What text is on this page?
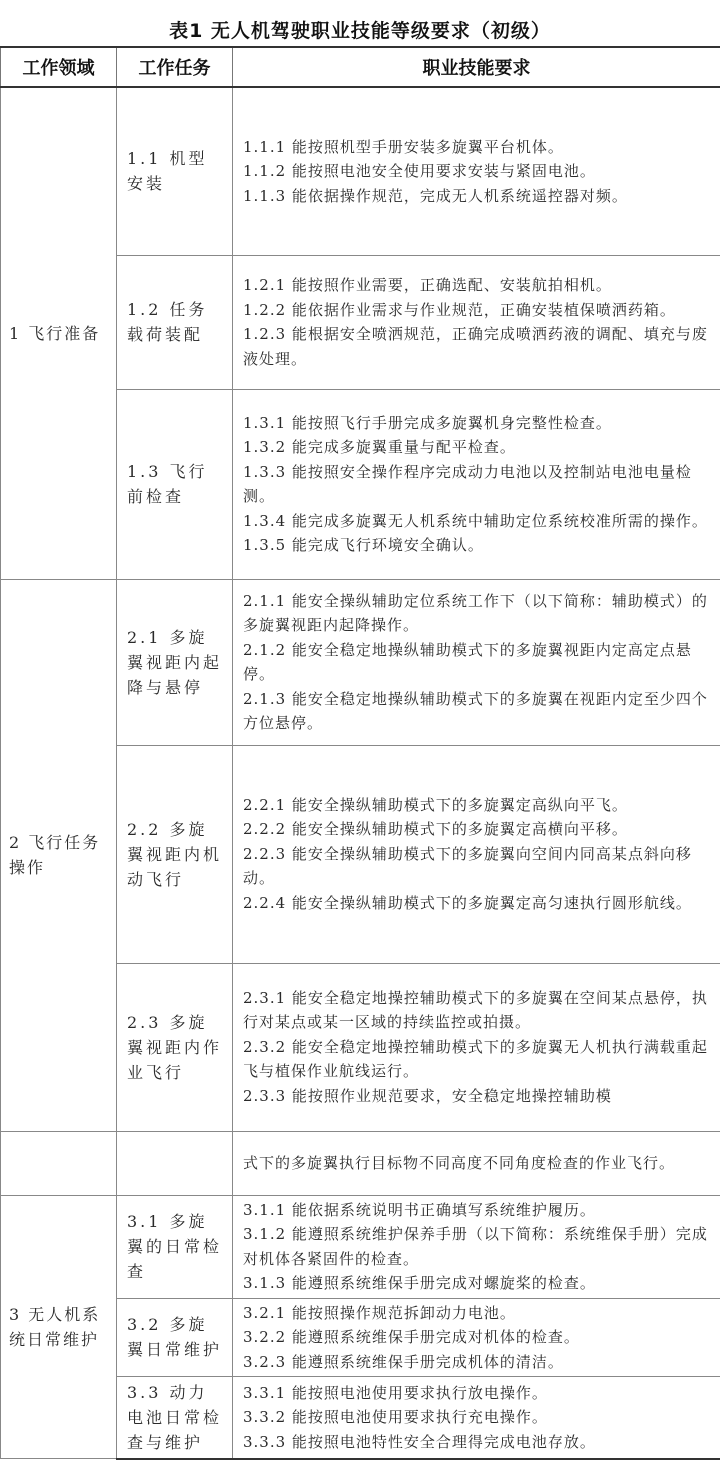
表1 无人机驾驶职业技能等级要求（初级）
工作领域	工作任务	职业技能要求
1 飞行准备	1.1 机型安装	1.1.1 能按照机型手册安装多旋翼平台机体。
1.1.2 能按照电池安全使用要求安装与紧固电池。
1.1.3 能依据操作规范，完成无人机系统遥控器对频。

	1.2 任务载荷装配	1.2.1 能按照作业需要，正确选配、安装航拍相机。
1.2.2 能依据作业需求与作业规范，正确安装植保喷洒药箱。
1.2.3 能根据安全喷洒规范，正确完成喷洒药液的调配、填充与废液处理。

	1.3 飞行前检查	1.3.1 能按照飞行手册完成多旋翼机身完整性检查。
1.3.2 能完成多旋翼重量与配平检查。
1.3.3 能按照安全操作程序完成动力电池以及控制站电池电量检测。
1.3.4 能完成多旋翼无人机系统中辅助定位系统校准所需的操作。
1.3.5 能完成飞行环境安全确认。

2 飞行任务操作	2.1 多旋翼视距内起降与悬停	2.1.1 能安全操纵辅助定位系统工作下（以下简称：辅助模式）的多旋翼视距内起降操作。
2.1.2 能安全稳定地操纵辅助模式下的多旋翼视距内定高定点悬停。
2.1.3 能安全稳定地操纵辅助模式下的多旋翼在视距内定至少四个方位悬停。

	2.2 多旋翼视距内机动飞行	2.2.1 能安全操纵辅助模式下的多旋翼定高纵向平飞。
2.2.2 能安全操纵辅助模式下的多旋翼定高横向平移。
2.2.3 能安全操纵辅助模式下的多旋翼向空间内同高某点斜向移动。
2.2.4 能安全操纵辅助模式下的多旋翼定高匀速执行圆形航线。

	2.3 多旋翼视距内作业飞行	2.3.1 能安全稳定地操控辅助模式下的多旋翼在空间某点悬停，执行对某点或某一区域的持续监控或拍摄。
2.3.2 能安全稳定地操控辅助模式下的多旋翼无人机执行满载重起飞与植保作业航线运行。
2.3.3 能按照作业规范要求，安全稳定地操控辅助模

		式下的多旋翼执行目标物不同高度不同角度检查的作业飞行。

3 无人机系统日常维护	3.1 多旋翼的日常检查	3.1.1 能依据系统说明书正确填写系统维护履历。
3.1.2 能遵照系统维护保养手册（以下简称：系统维保手册）完成对机体各紧固件的检查。
3.1.3 能遵照系统维保手册完成对螺旋桨的检查。

	3.2 多旋翼日常维护	3.2.1 能按照操作规范拆卸动力电池。
3.2.2 能遵照系统维保手册完成对机体的检查。
3.2.3 能遵照系统维保手册完成机体的清洁。

	3.3 动力电池日常检查与维护	3.3.1 能按照电池使用要求执行放电操作。
3.3.2 能按照电池使用要求执行充电操作。
3.3.3 能按照电池特性安全合理得完成电池存放。
